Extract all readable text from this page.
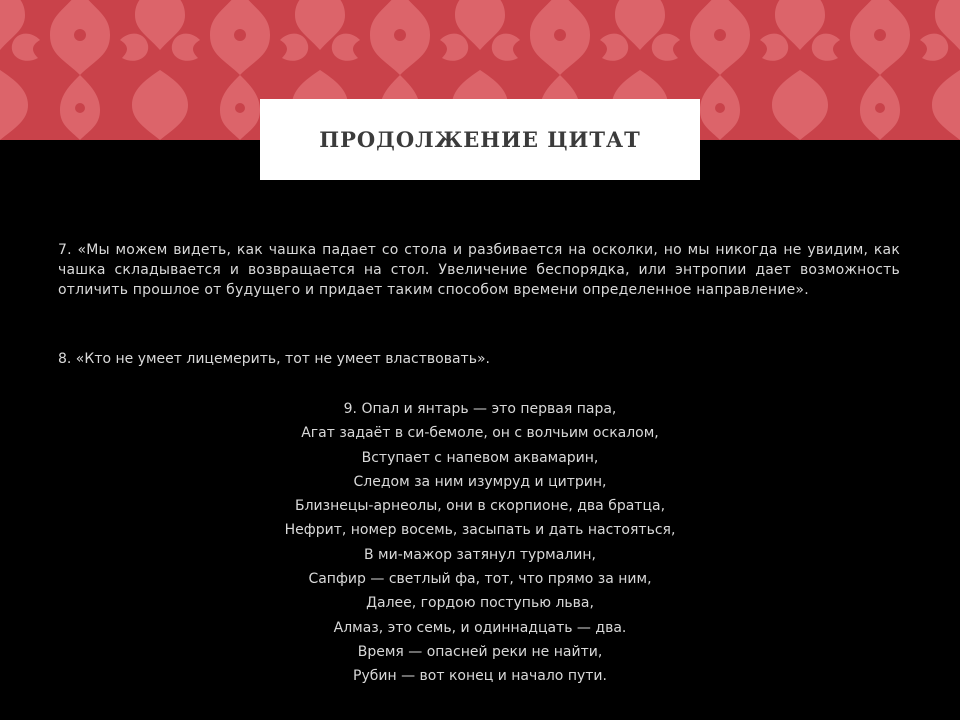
ПРОДОЛЖЕНИЕ ЦИТАТ

7. «Мы можем видеть, как чашка падает со стола и разбивается на осколки, но мы никогда не увидим, как чашка складывается и возвращается на стол. Увеличение беспорядка, или энтропии дает возможность отличить прошлое от будущего и придает таким способом времени определенное направление».

8. «Кто не умеет лицемерить, тот не умеет властвовать».

9. Опал и янтарь — это первая пара,
Агат задаёт в си-бемоле, он с волчьим оскалом,
Вступает с напевом аквамарин,
Следом за ним изумруд и цитрин,
Близнецы-арнеолы, они в скорпионе, два братца,
Нефрит, номер восемь, засыпать и дать настояться,
В ми-мажор затянул турмалин,
Сапфир — светлый фа, тот, что прямо за ним,
Далее, гордою поступью льва,
Алмаз, это семь, и одиннадцать — два.
Время — опасней реки не найти,
Рубин — вот конец и начало пути.
